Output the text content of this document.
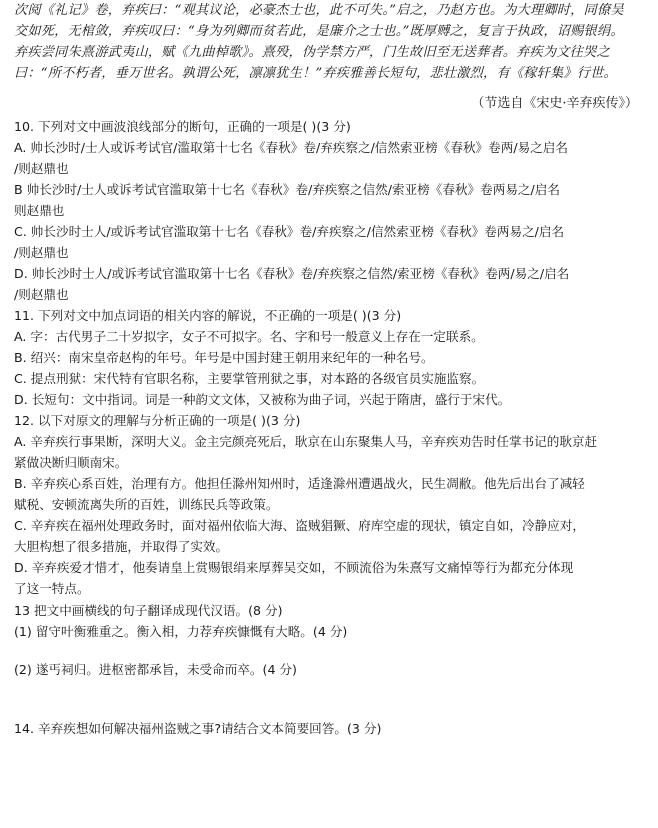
次阅《礼记》卷，弃疾曰：“观其议论，必豪杰士也，此不可失。”启之，乃赵方也。为大理卿时，同僚吴
交如死，无棺敛，弃疾叹曰：“身为列卿而贫若此，是廉介之士也。”既厚赙之，复言于执政，诏赐银绢。
弃疾尝同朱熹游武夷山，赋《九曲棹歌》。熹殁，伪学禁方严，门生故旧至无送葬者。弃疾为文往哭之
曰：“所不朽者，垂万世名。孰谓公死，凛凛犹生！”弃疾雅善长短句，悲壮激烈，有《稼轩集》行世。
（节选自《宋史·辛弃疾传》）
10. 下列对文中画波浪线部分的断句，正确的一项是( )(3 分)
A. 帅长沙时/士人或诉考试官/滥取第十七名《春秋》卷/弃疾察之/信然索亚榜《春秋》卷两/易之启名
/则赵鼎也
B 帅长沙时/士人或诉考试官滥取第十七名《春秋》卷/弃疾察之信然/索亚榜《春秋》卷两易之/启名
则赵鼎也
C. 帅长沙时士人/或诉考试官滥取第十七名《春秋》卷/弃疾察之/信然索亚榜《春秋》卷两易之/启名
/则赵鼎也
D. 帅长沙时士人/或诉考试官滥取第十七名《春秋》卷/弃疾察之信然/索亚榜《春秋》卷两/易之/启名
/则赵鼎也
11. 下列对文中加点词语的相关内容的解说，不正确的一项是( )(3 分)
A. 字：古代男子二十岁拟字，女子不可拟字。名、字和号一般意义上存在一定联系。
B. 绍兴：南宋皇帝赵构的年号。年号是中国封建王朝用来纪年的一种名号。
C. 提点刑狱：宋代特有官职名称，主要掌管刑狱之事，对本路的各级官员实施监察。
D. 长短句：文中指词。词是一种韵文文体，又被称为曲子词，兴起于隋唐，盛行于宋代。
12. 以下对原文的理解与分析正确的一项是( )(3 分)
A. 辛弃疾行事果断，深明大义。金主完颜亮死后，耿京在山东聚集人马，辛弃疾劝告时任掌书记的耿京赶
紧做决断归顺南宋。
B. 辛弃疾心系百姓，治理有方。他担任滁州知州时，适逢滁州遭遇战火，民生凋敝。他先后出台了减轻
赋税、安顿流离失所的百姓，训练民兵等政策。
C. 辛弃疾在福州处理政务时，面对福州依临大海、盗贼猖獗、府库空虚的现状，镇定自如，冷静应对，
大胆构想了很多措施，并取得了实效。
D. 辛弃疾爱才惜才，他奏请皇上赏赐银绢来厚葬吴交如，不顾流俗为朱熹写文痛悼等行为都充分体现
了这一特点。
13 把文中画横线的句子翻译成现代汉语。(8 分)
(1) 留守叶衡雅重之。衡入相，力荐弃疾慷慨有大略。(4 分)
(2) 遂丐祠归。进枢密都承旨，未受命而卒。(4 分)
14. 辛弃疾想如何解决福州盗贼之事?请结合文本简要回答。(3 分)
